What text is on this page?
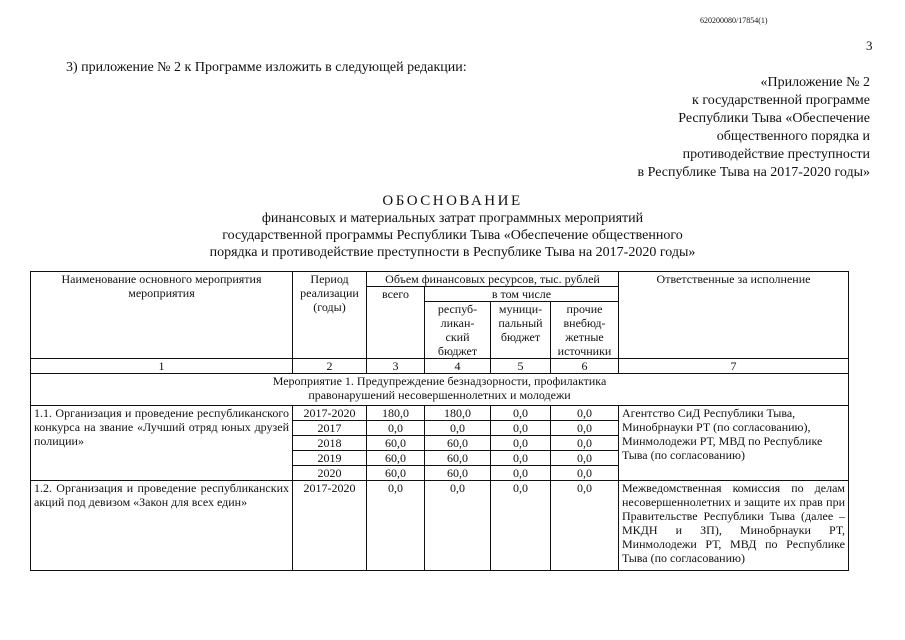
620200080/17854(1)
3
3) приложение № 2 к Программе изложить в следующей редакции:
«Приложение № 2
к государственной программе
Республики Тыва «Обеспечение
общественного порядка и
противодействие преступности
в Республике Тыва на 2017-2020 годы»
ОБОСНОВАНИЕ
финансовых и материальных затрат программных мероприятий
государственной программы Республики Тыва «Обеспечение общественного
порядка и противодействие преступности в Республике Тыва на 2017-2020 годы»
Наименование основного мероприятия мероприятия	Период реализации (годы)	Объем финансовых ресурсов, тыс. рублей				Ответственные за исполнение
		всего	в том числе			
			респуб- ликан- ский бюджет	муници- пальный бюджет	прочие внебюд- жетные источники	
1	2	3	4	5	6	7
Мероприятие 1. Предупреждение безнадзорности, профилактика правонарушений несовершеннолетних и молодежи						
1.1. Организация и проведение республиканского конкурса на звание «Лучший отряд юных друзей полиции»	2017-2020	180,0	180,0	0,0	0,0	Агентство СиД Республики Тыва, Минобрнауки РТ (по согласованию), Минмолодежи РТ, МВД по Республике Тыва (по согласованию)
	2017	0,0	0,0	0,0	0,0	
	2018	60,0	60,0	0,0	0,0	
	2019	60,0	60,0	0,0	0,0	
	2020	60,0	60,0	0,0	0,0	
1.2. Организация и проведение республиканских акций под девизом «Закон для всех един»	2017-2020	0,0	0,0	0,0	0,0	Межведомственная комиссия по делам несовершеннолетних и защите их прав при Правительстве Республики Тыва (далее – МКДН и ЗП), Минобрнауки РТ, Минмолодежи РТ, МВД по Республике Тыва (по согласованию)
